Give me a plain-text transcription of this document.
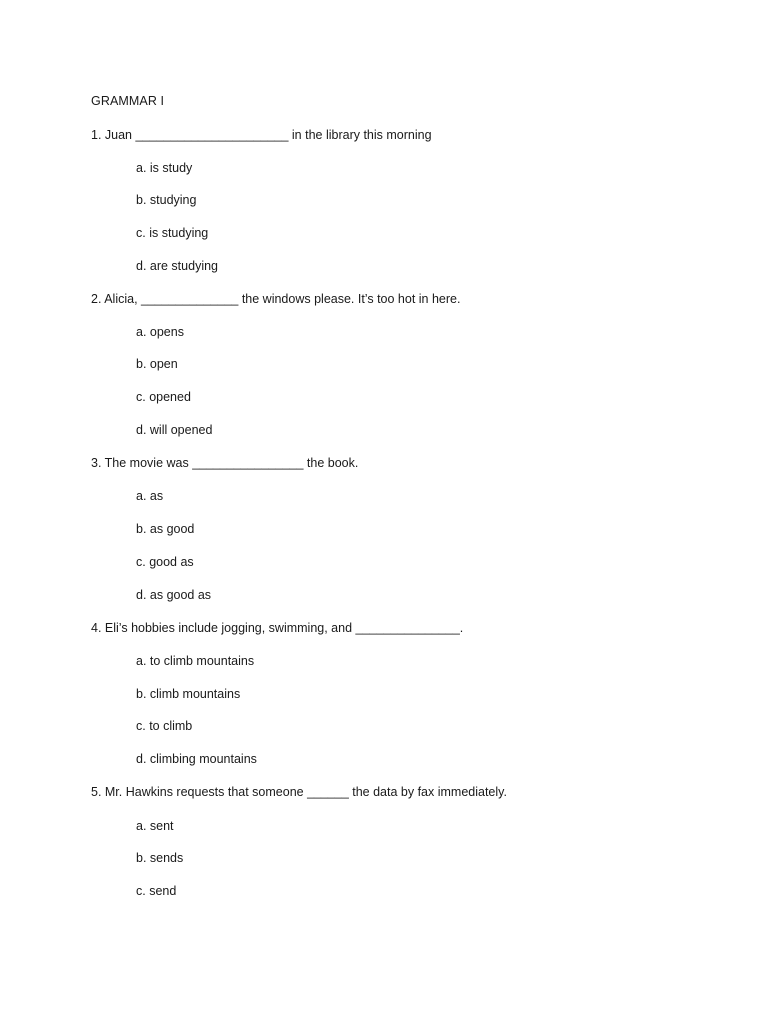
GRAMMAR I
1. Juan ______________________ in the library this morning
a. is study
b. studying
c. is studying
d. are studying
2. Alicia, ______________ the windows please. It’s too hot in here.
a. opens
b. open
c. opened
d. will opened
3. The movie was ________________ the book.
a. as
b. as good
c. good as
d. as good as
4. Eli’s hobbies include jogging, swimming, and _______________.
a. to climb mountains
b. climb mountains
c. to climb
d. climbing mountains
5. Mr. Hawkins requests that someone ______ the data by fax immediately.
a. sent
b. sends
c. send
